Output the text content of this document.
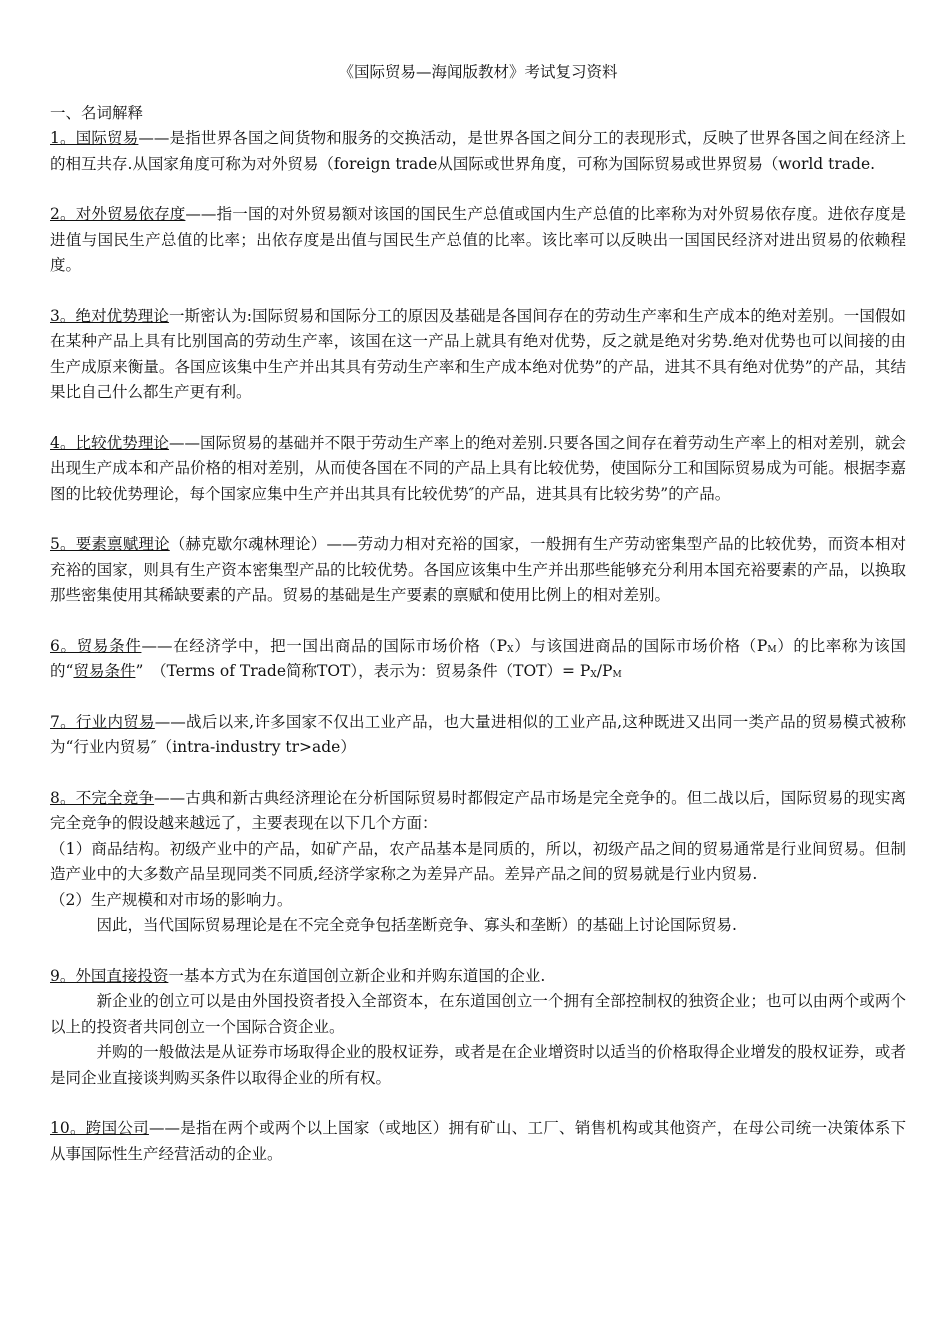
《国际贸易—海闻版教材》考试复习资料

一、名词解释

1。国际贸易——是指世界各国之间货物和服务的交换活动，是世界各国之间分工的表现形式，反映了世界各国之间在经济上的相互共存.从国家角度可称为对外贸易（foreign trade从国际或世界角度，可称为国际贸易或世界贸易（world trade.

2。对外贸易依存度——指一国的对外贸易额对该国的国民生产总值或国内生产总值的比率称为对外贸易依存度。进依存度是进值与国民生产总值的比率；出依存度是出值与国民生产总值的比率。该比率可以反映出一国国民经济对进出贸易的依赖程度。

3。绝对优势理论一斯密认为:国际贸易和国际分工的原因及基础是各国间存在的劳动生产率和生产成本的绝对差别。一国假如在某种产品上具有比别国高的劳动生产率，该国在这一产品上就具有绝对优势，反之就是绝对劣势.绝对优势也可以间接的由生产成原来衡量。各国应该集中生产并出其具有劳动生产率和生产成本绝对优势”的产品，进其不具有绝对优势”的产品，其结果比自己什么都生产更有利。

4。比较优势理论——国际贸易的基础并不限于劳动生产率上的绝对差别.只要各国之间存在着劳动生产率上的相对差别，就会出现生产成本和产品价格的相对差别，从而使各国在不同的产品上具有比较优势，使国际分工和国际贸易成为可能。根据李嘉图的比较优势理论，每个国家应集中生产并出其具有比较优势″的产品，进其具有比较劣势”的产品。

5。要素禀赋理论（赫克歇尔魂林理论）——劳动力相对充裕的国家，一般拥有生产劳动密集型产品的比较优势，而资本相对充裕的国家，则具有生产资本密集型产品的比较优势。各国应该集中生产并出那些能够充分利用本国充裕要素的产品，以换取那些密集使用其稀缺要素的产品。贸易的基础是生产要素的禀赋和使用比例上的相对差别。

6。贸易条件——在经济学中，把一国出商品的国际市场价格$(P_X)$与该国进商品的国际市场价格$(P_M)$的比率称为该国的“贸易条件”　（Terms of Trade简称TOT），表示为：贸易条件$(TOT)= P_X/P_M$

7。行业内贸易——战后以来,许多国家不仅出工业产品，也大量进相似的工业产品,这种既进又出同一类产品的贸易模式被称为“行业内贸易″（intra-industry tr>ade）

8。不完全竞争——古典和新古典经济理论在分析国际贸易时都假定产品市场是完全竞争的。但二战以后，国际贸易的现实离完全竞争的假设越来越远了，主要表现在以下几个方面：

（1）商品结构。初级产业中的产品，如矿产品，农产品基本是同质的，所以，初级产品之间的贸易通常是行业间贸易。但制造产业中的大多数产品呈现同类不同质,经济学家称之为差异产品。差异产品之间的贸易就是行业内贸易.

（2）生产规模和对市场的影响力。

因此，当代国际贸易理论是在不完全竞争包括垄断竞争、寡头和垄断）的基础上讨论国际贸易.

9。外国直接投资一基本方式为在东道国创立新企业和并购东道国的企业.

新企业的创立可以是由外国投资者投入全部资本，在东道国创立一个拥有全部控制权的独资企业；也可以由两个或两个以上的投资者共同创立一个国际合资企业。

并购的一般做法是从证券市场取得企业的股权证券，或者是在企业增资时以适当的价格取得企业增发的股权证券，或者是同企业直接谈判购买条件以取得企业的所有权。

10。跨国公司——是指在两个或两个以上国家（或地区）拥有矿山、工厂、销售机构或其他资产，在母公司统一决策体系下从事国际性生产经营活动的企业。
